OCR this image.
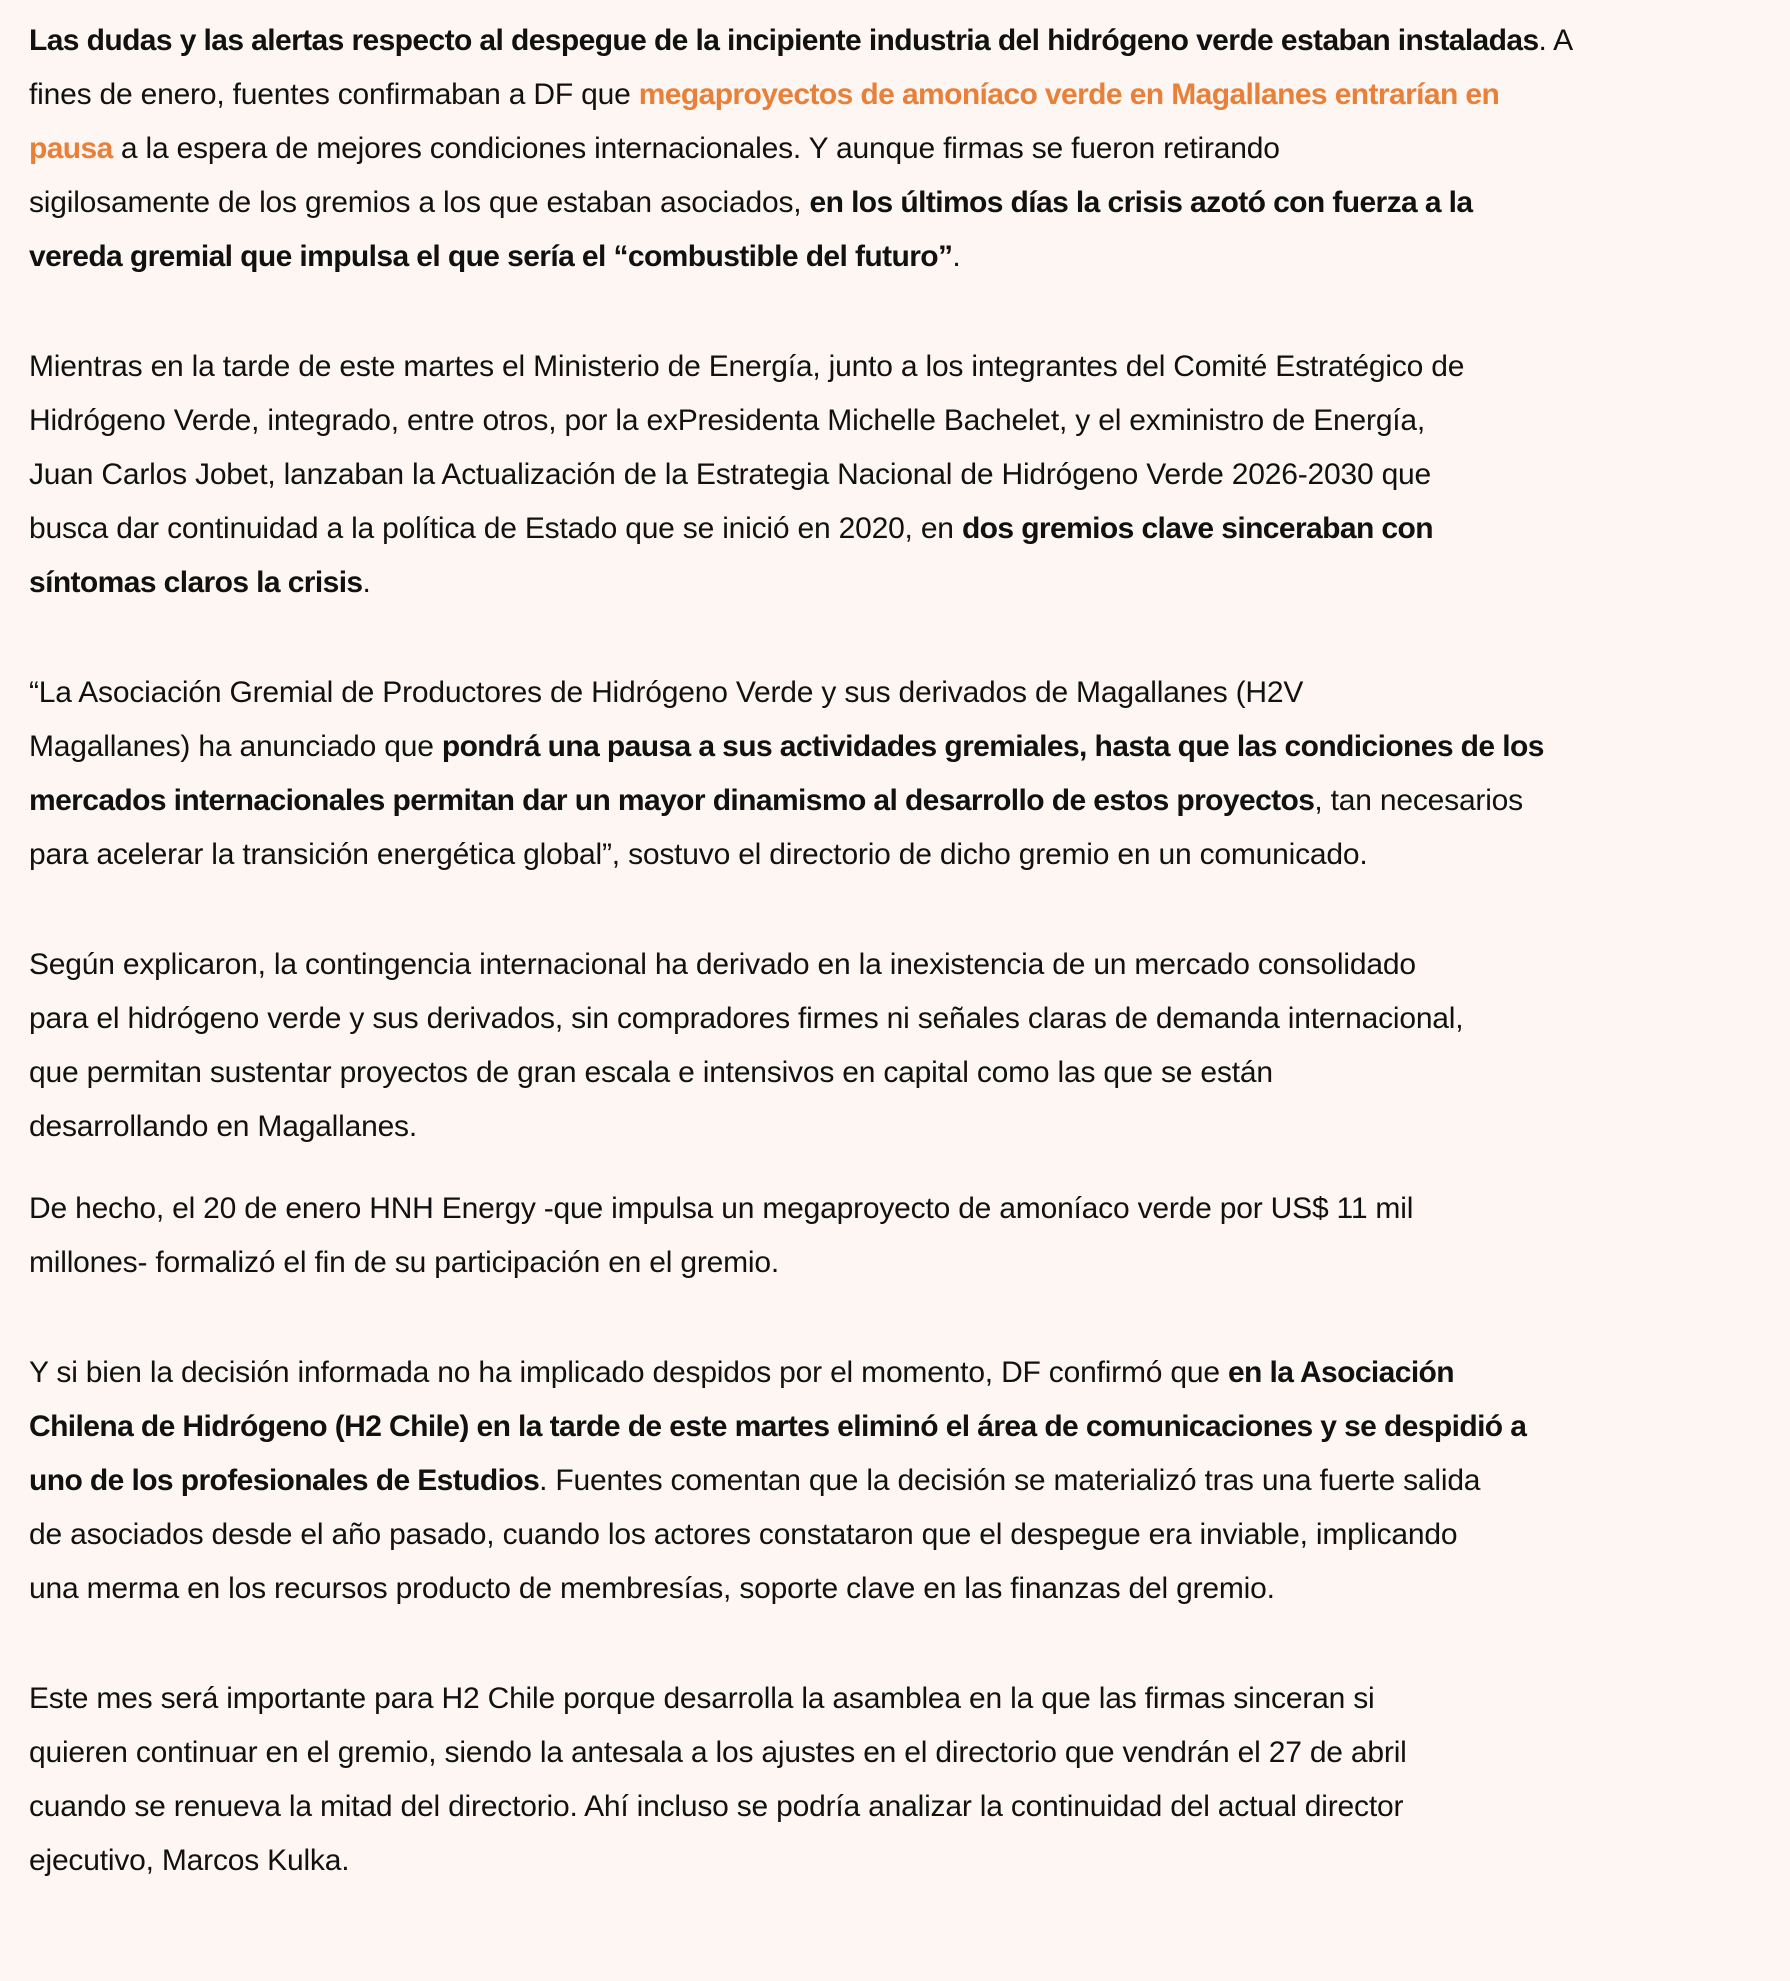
Las dudas y las alertas respecto al despegue de la incipiente industria del hidrógeno verde estaban instaladas. A
fines de enero, fuentes confirmaban a DF que megaproyectos de amoníaco verde en Magallanes entrarían en
pausa a la espera de mejores condiciones internacionales. Y aunque firmas se fueron retirando
sigilosamente de los gremios a los que estaban asociados, en los últimos días la crisis azotó con fuerza a la
vereda gremial que impulsa el que sería el “combustible del futuro”.

Mientras en la tarde de este martes el Ministerio de Energía, junto a los integrantes del Comité Estratégico de
Hidrógeno Verde, integrado, entre otros, por la exPresidenta Michelle Bachelet, y el exministro de Energía,
Juan Carlos Jobet, lanzaban la Actualización de la Estrategia Nacional de Hidrógeno Verde 2026-2030 que
busca dar continuidad a la política de Estado que se inició en 2020, en dos gremios clave sinceraban con
síntomas claros la crisis.

“La Asociación Gremial de Productores de Hidrógeno Verde y sus derivados de Magallanes (H2V
Magallanes) ha anunciado que pondrá una pausa a sus actividades gremiales, hasta que las condiciones de los
mercados internacionales permitan dar un mayor dinamismo al desarrollo de estos proyectos, tan necesarios
para acelerar la transición energética global”, sostuvo el directorio de dicho gremio en un comunicado.

Según explicaron, la contingencia internacional ha derivado en la inexistencia de un mercado consolidado
para el hidrógeno verde y sus derivados, sin compradores firmes ni señales claras de demanda internacional,
que permitan sustentar proyectos de gran escala e intensivos en capital como las que se están
desarrollando en Magallanes.

De hecho, el 20 de enero HNH Energy -que impulsa un megaproyecto de amoníaco verde por US$ 11 mil
millones- formalizó el fin de su participación en el gremio.

Y si bien la decisión informada no ha implicado despidos por el momento, DF confirmó que en la Asociación
Chilena de Hidrógeno (H2 Chile) en la tarde de este martes eliminó el área de comunicaciones y se despidió a
uno de los profesionales de Estudios. Fuentes comentan que la decisión se materializó tras una fuerte salida
de asociados desde el año pasado, cuando los actores constataron que el despegue era inviable, implicando
una merma en los recursos producto de membresías, soporte clave en las finanzas del gremio.

Este mes será importante para H2 Chile porque desarrolla la asamblea en la que las firmas sinceran si
quieren continuar en el gremio, siendo la antesala a los ajustes en el directorio que vendrán el 27 de abril
cuando se renueva la mitad del directorio. Ahí incluso se podría analizar la continuidad del actual director
ejecutivo, Marcos Kulka.
